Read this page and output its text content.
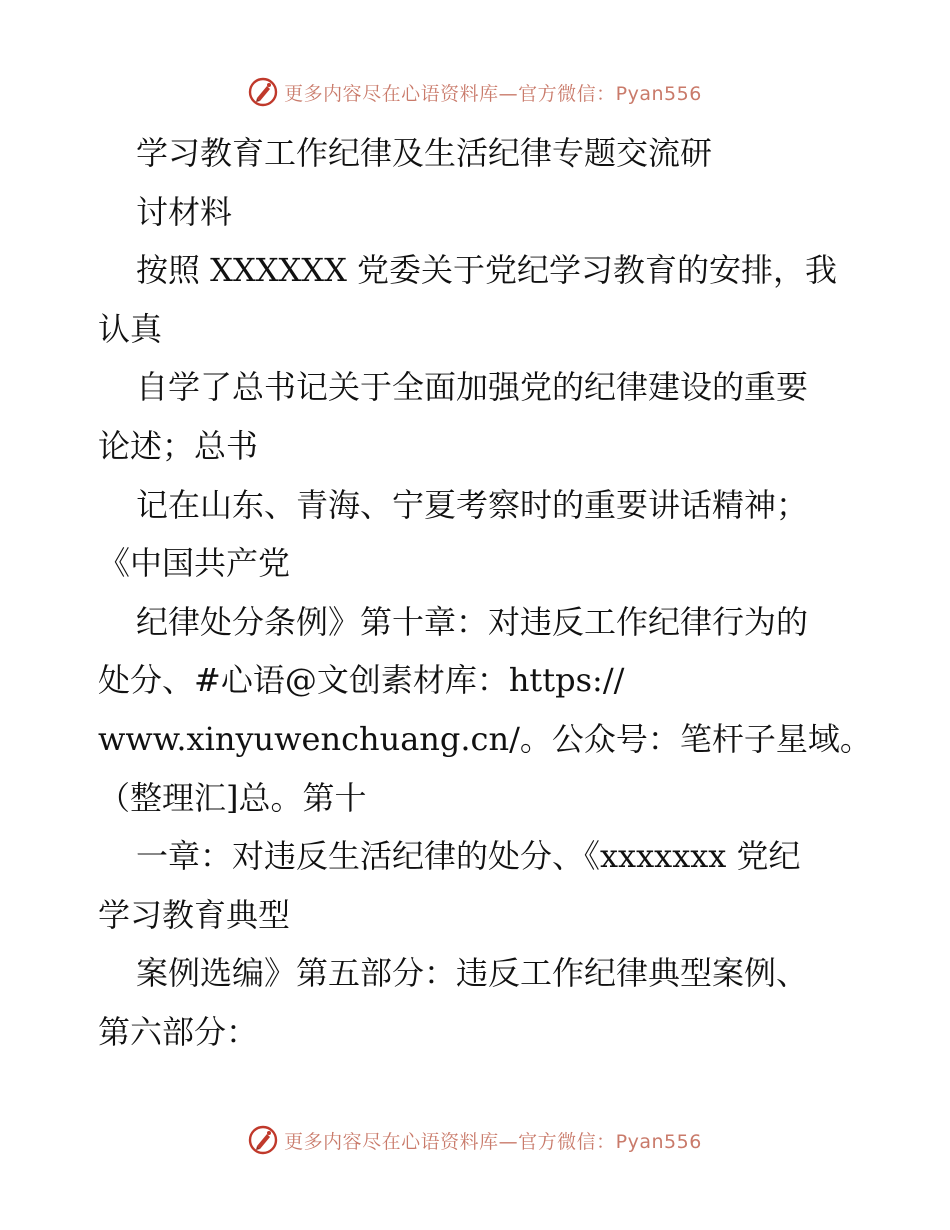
更多内容尽在心语资料库—官方微信：Pyan556
学习教育工作纪律及生活纪律专题交流研
讨材料
按照 XXXXXX 党委关于党纪学习教育的安排，我
认真
自学了总书记关于全面加强党的纪律建设的重要
论述；总书
记在山东、青海、宁夏考察时的重要讲话精神；
《中国共产党
纪律处分条例》第十章：对违反工作纪律行为的
处分、#心语@文创素材库：https://
www.xinyuwenchuang.cn/。公众号：笔杆子星域。
（整理汇]总。第十
一章：对违反生活纪律的处分、《xxxxxxx 党纪
学习教育典型
案例选编》第五部分：违反工作纪律典型案例、
第六部分：
更多内容尽在心语资料库—官方微信：Pyan556
